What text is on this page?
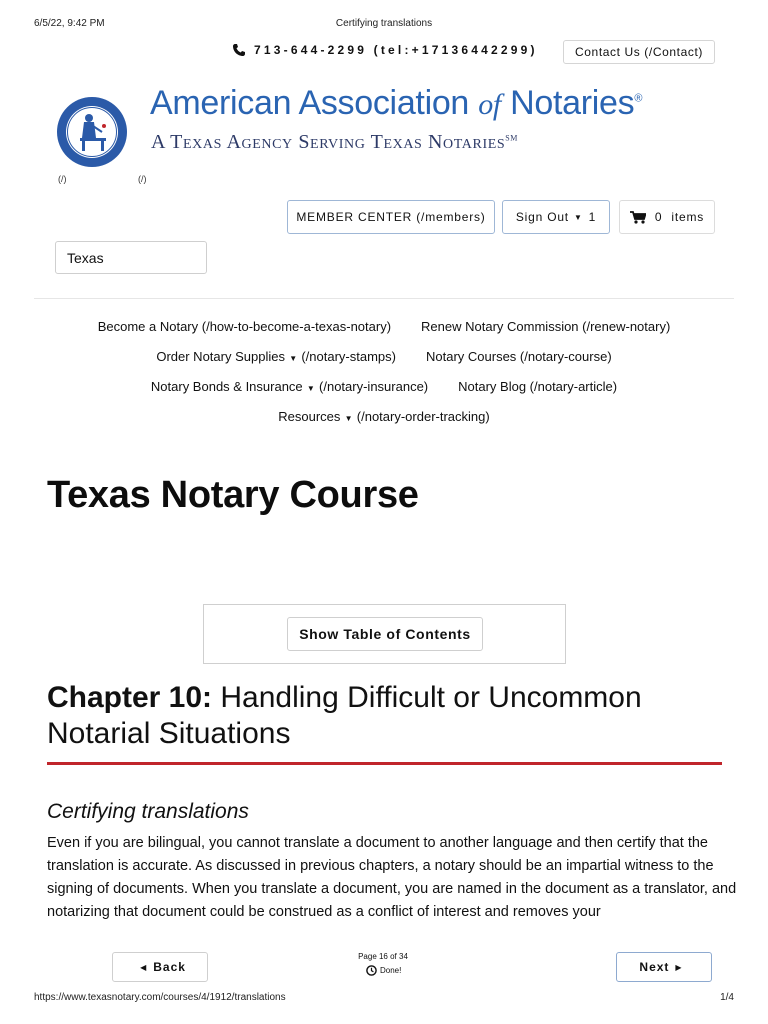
6/5/22, 9:42 PM	Certifying translations
713-644-2299 (tel:+17136442299)	Contact Us (/Contact)
American Association of Notaries®
A Texas Agency Serving Texas Notaries℠
(/)	(/)
MEMBER CENTER (/members)	Sign Out ▼ 1	0 items
Texas
Become a Notary (/how-to-become-a-texas-notary) Renew Notary Commission (/renew-notary)
Order Notary Supplies ▼ (/notary-stamps) Notary Courses (/notary-course)
Notary Bonds & Insurance ▼ (/notary-insurance) Notary Blog (/notary-article)
Resources ▼ (/notary-order-tracking)
Texas Notary Course
Show Table of Contents
Chapter 10: Handling Difficult or Uncommon Notarial Situations
Certifying translations
Even if you are bilingual, you cannot translate a document to another language and then certify that the translation is accurate. As discussed in previous chapters, a notary should be an impartial witness to the signing of documents. When you translate a document, you are named in the document as a translator, and notarizing that document could be construed as a conflict of interest and removes your
◀ Back
Page 16 of 34
Done!	Next ▶
https://www.texasnotary.com/courses/4/1912/translations	1/4
